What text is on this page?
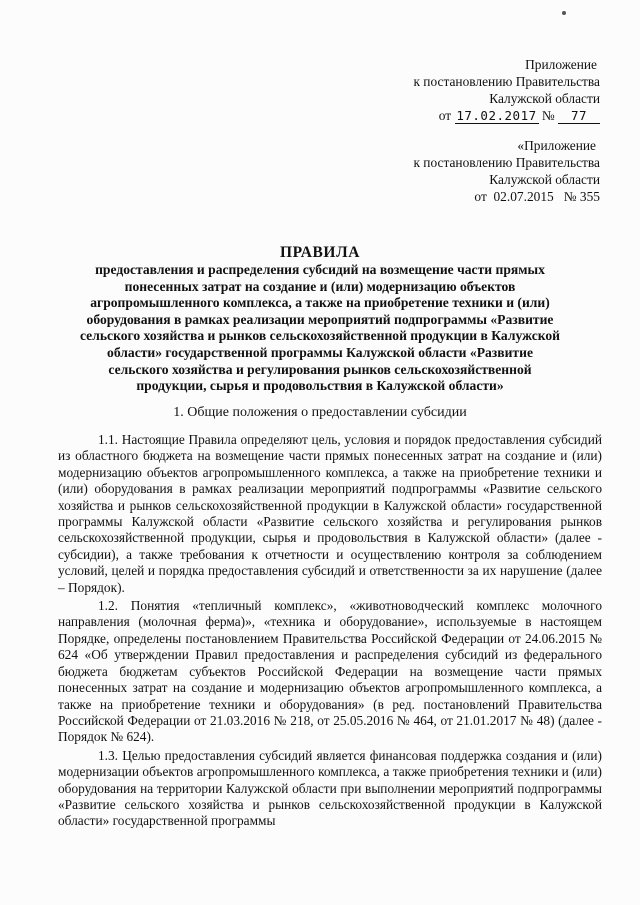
Приложение
к постановлению Правительства
Калужской области
от 17.02.2017 № 77
«Приложение
к постановлению Правительства
Калужской области
от  02.07.2015   № 355
ПРАВИЛА
предоставления и распределения субсидий на возмещение части прямых понесенных затрат на создание и (или) модернизацию объектов агропромышленного комплекса, а также на приобретение техники и (или) оборудования в рамках реализации мероприятий подпрограммы «Развитие сельского хозяйства и рынков сельскохозяйственной продукции в Калужской области» государственной программы Калужской области «Развитие сельского хозяйства и регулирования рынков сельскохозяйственной продукции, сырья и продовольствия в Калужской области»
1. Общие положения о предоставлении субсидии

1.1. Настоящие Правила определяют цель, условия и порядок предоставления субсидий из областного бюджета на возмещение части прямых понесенных затрат на создание и (или) модернизацию объектов агропромышленного комплекса, а также на приобретение техники и (или) оборудования в рамках реализации мероприятий подпрограммы «Развитие сельского хозяйства и рынков сельскохозяйственной продукции в Калужской области» государственной программы Калужской области «Развитие сельского хозяйства и регулирования рынков сельскохозяйственной продукции, сырья и продовольствия в Калужской области» (далее - субсидии), а также требования к отчетности и осуществлению контроля за соблюдением условий, целей и порядка предоставления субсидий и ответственности за их нарушение (далее – Порядок).

1.2. Понятия «тепличный комплекс», «животноводческий комплекс молочного направления (молочная ферма)», «техника и оборудование», используемые в настоящем Порядке, определены постановлением Правительства Российской Федерации от 24.06.2015 № 624 «Об утверждении Правил предоставления и распределения субсидий из федерального бюджета бюджетам субъектов Российской Федерации на возмещение части прямых понесенных затрат на создание и модернизацию объектов агропромышленного комплекса, а также на приобретение техники и оборудования» (в ред. постановлений Правительства Российской Федерации от 21.03.2016 № 218, от 25.05.2016 № 464, от 21.01.2017 № 48) (далее - Порядок № 624).

1.3. Целью предоставления субсидий является финансовая поддержка создания и (или) модернизации объектов агропромышленного комплекса, а также приобретения техники и (или) оборудования на территории Калужской области при выполнении мероприятий подпрограммы «Развитие сельского хозяйства и рынков сельскохозяйственной продукции в Калужской области» государственной программы
